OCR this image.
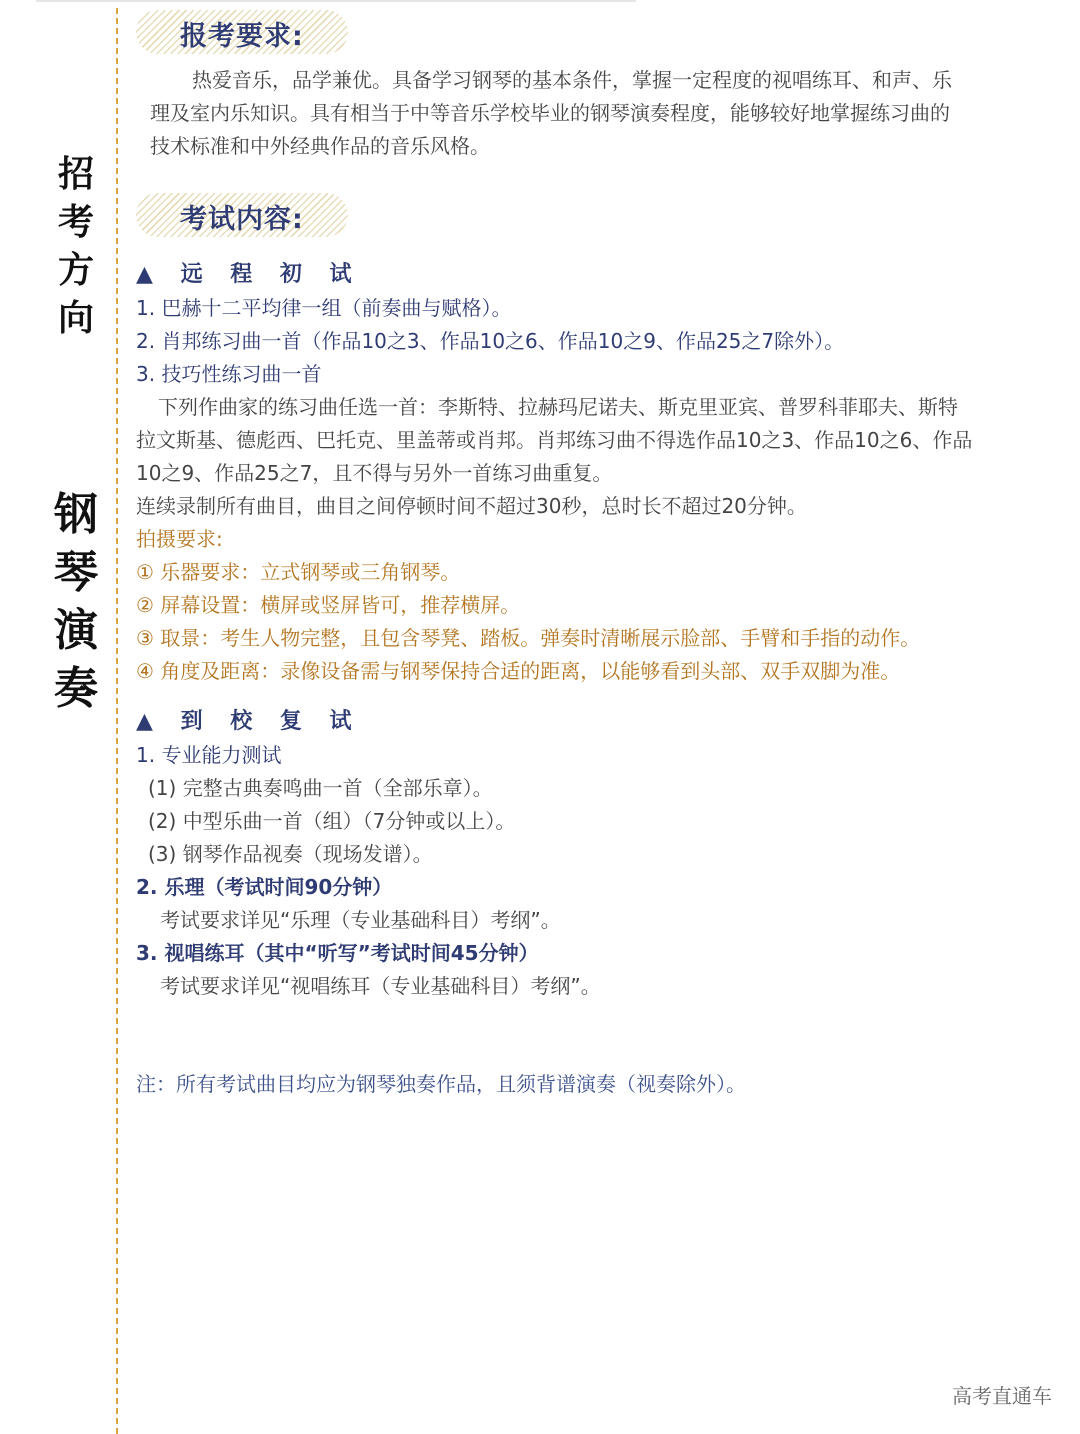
招
考
方
向
钢
琴
演
奏
报考要求:
热爱音乐，品学兼优。具备学习钢琴的基本条件，掌握一定程度的视唱练耳、和声、乐
理及室内乐知识。具有相当于中等音乐学校毕业的钢琴演奏程度，能够较好地掌握练习曲的
技术标准和中外经典作品的音乐风格。
考试内容:
▲ 远 程 初 试
1. 巴赫十二平均律一组（前奏曲与赋格）。
2. 肖邦练习曲一首（作品10之3、作品10之6、作品10之9、作品25之7除外）。
3. 技巧性练习曲一首
下列作曲家的练习曲任选一首：李斯特、拉赫玛尼诺夫、斯克里亚宾、普罗科菲耶夫、斯特
拉文斯基、德彪西、巴托克、里盖蒂或肖邦。肖邦练习曲不得选作品10之3、作品10之6、作品
10之9、作品25之7，且不得与另外一首练习曲重复。
连续录制所有曲目，曲目之间停顿时间不超过30秒，总时长不超过20分钟。
拍摄要求:
① 乐器要求：立式钢琴或三角钢琴。
② 屏幕设置：横屏或竖屏皆可，推荐横屏。
③ 取景：考生人物完整，且包含琴凳、踏板。弹奏时清晰展示脸部、手臂和手指的动作。
④ 角度及距离：录像设备需与钢琴保持合适的距离，以能够看到头部、双手双脚为准。
▲ 到 校 复 试
1. 专业能力测试
(1) 完整古典奏鸣曲一首（全部乐章）。
(2) 中型乐曲一首（组）（7分钟或以上）。
(3) 钢琴作品视奏（现场发谱）。
2. 乐理（考试时间90分钟）
考试要求详见“乐理（专业基础科目）考纲”。
3. 视唱练耳（其中“听写”考试时间45分钟）
考试要求详见“视唱练耳（专业基础科目）考纲”。
注：所有考试曲目均应为钢琴独奏作品，且须背谱演奏（视奏除外）。
高考直通车
